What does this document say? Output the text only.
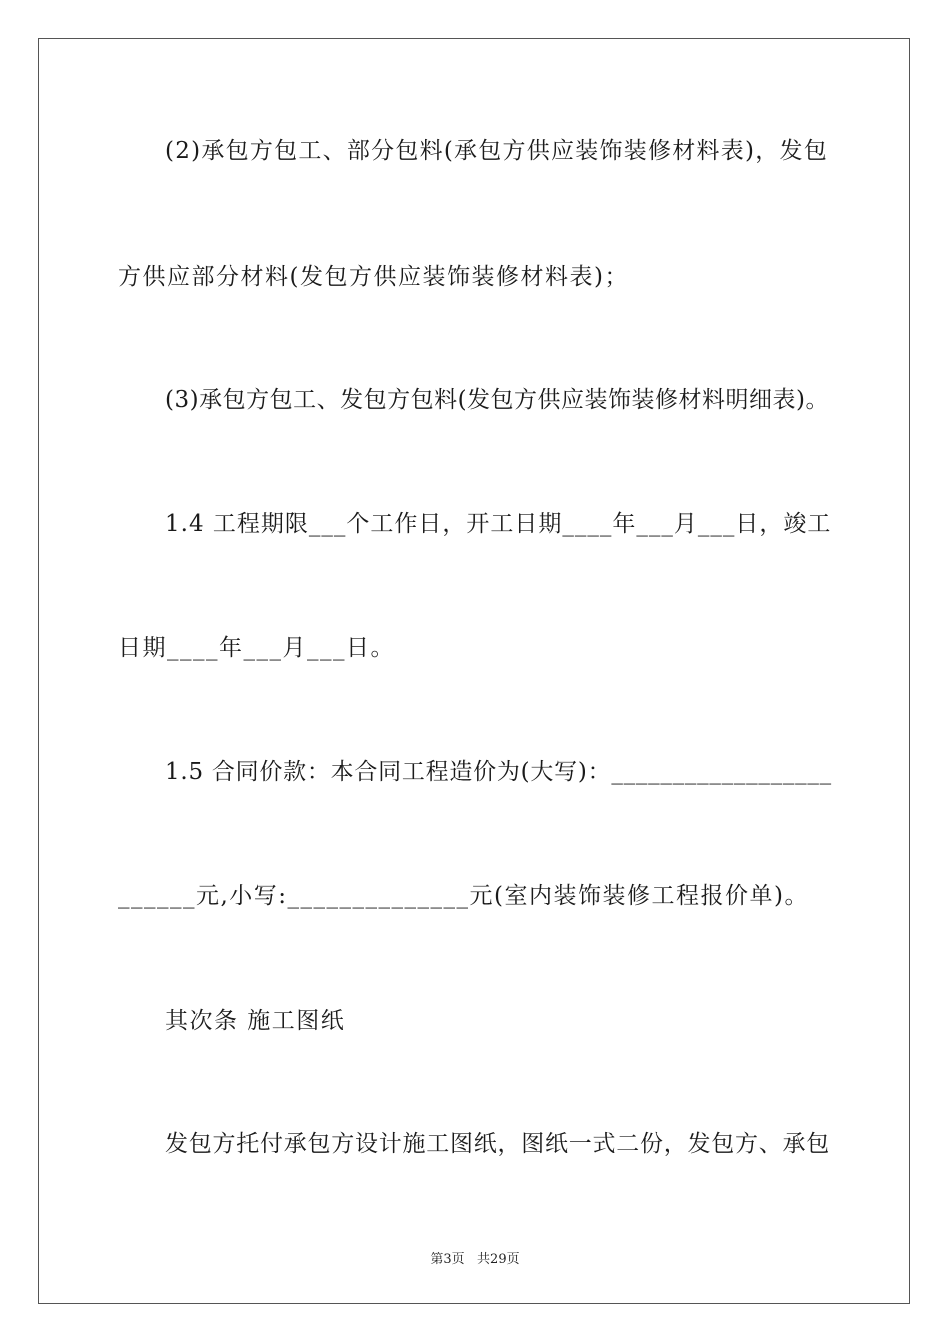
(2)承包方包工、部分包料(承包方供应装饰装修材料表)，发包
方供应部分材料(发包方供应装饰装修材料表)；
(3)承包方包工、发包方包料(发包方供应装饰装修材料明细表)。
1.4 工程期限___个工作日，开工日期____年___月___日，竣工
日期____年___月___日。
1.5 合同价款：本合同工程造价为(大写)：__________________
______元,小写:______________元(室内装饰装修工程报价单)。
其次条 施工图纸
发包方托付承包方设计施工图纸，图纸一式二份，发包方、承包
第3页   共29页
